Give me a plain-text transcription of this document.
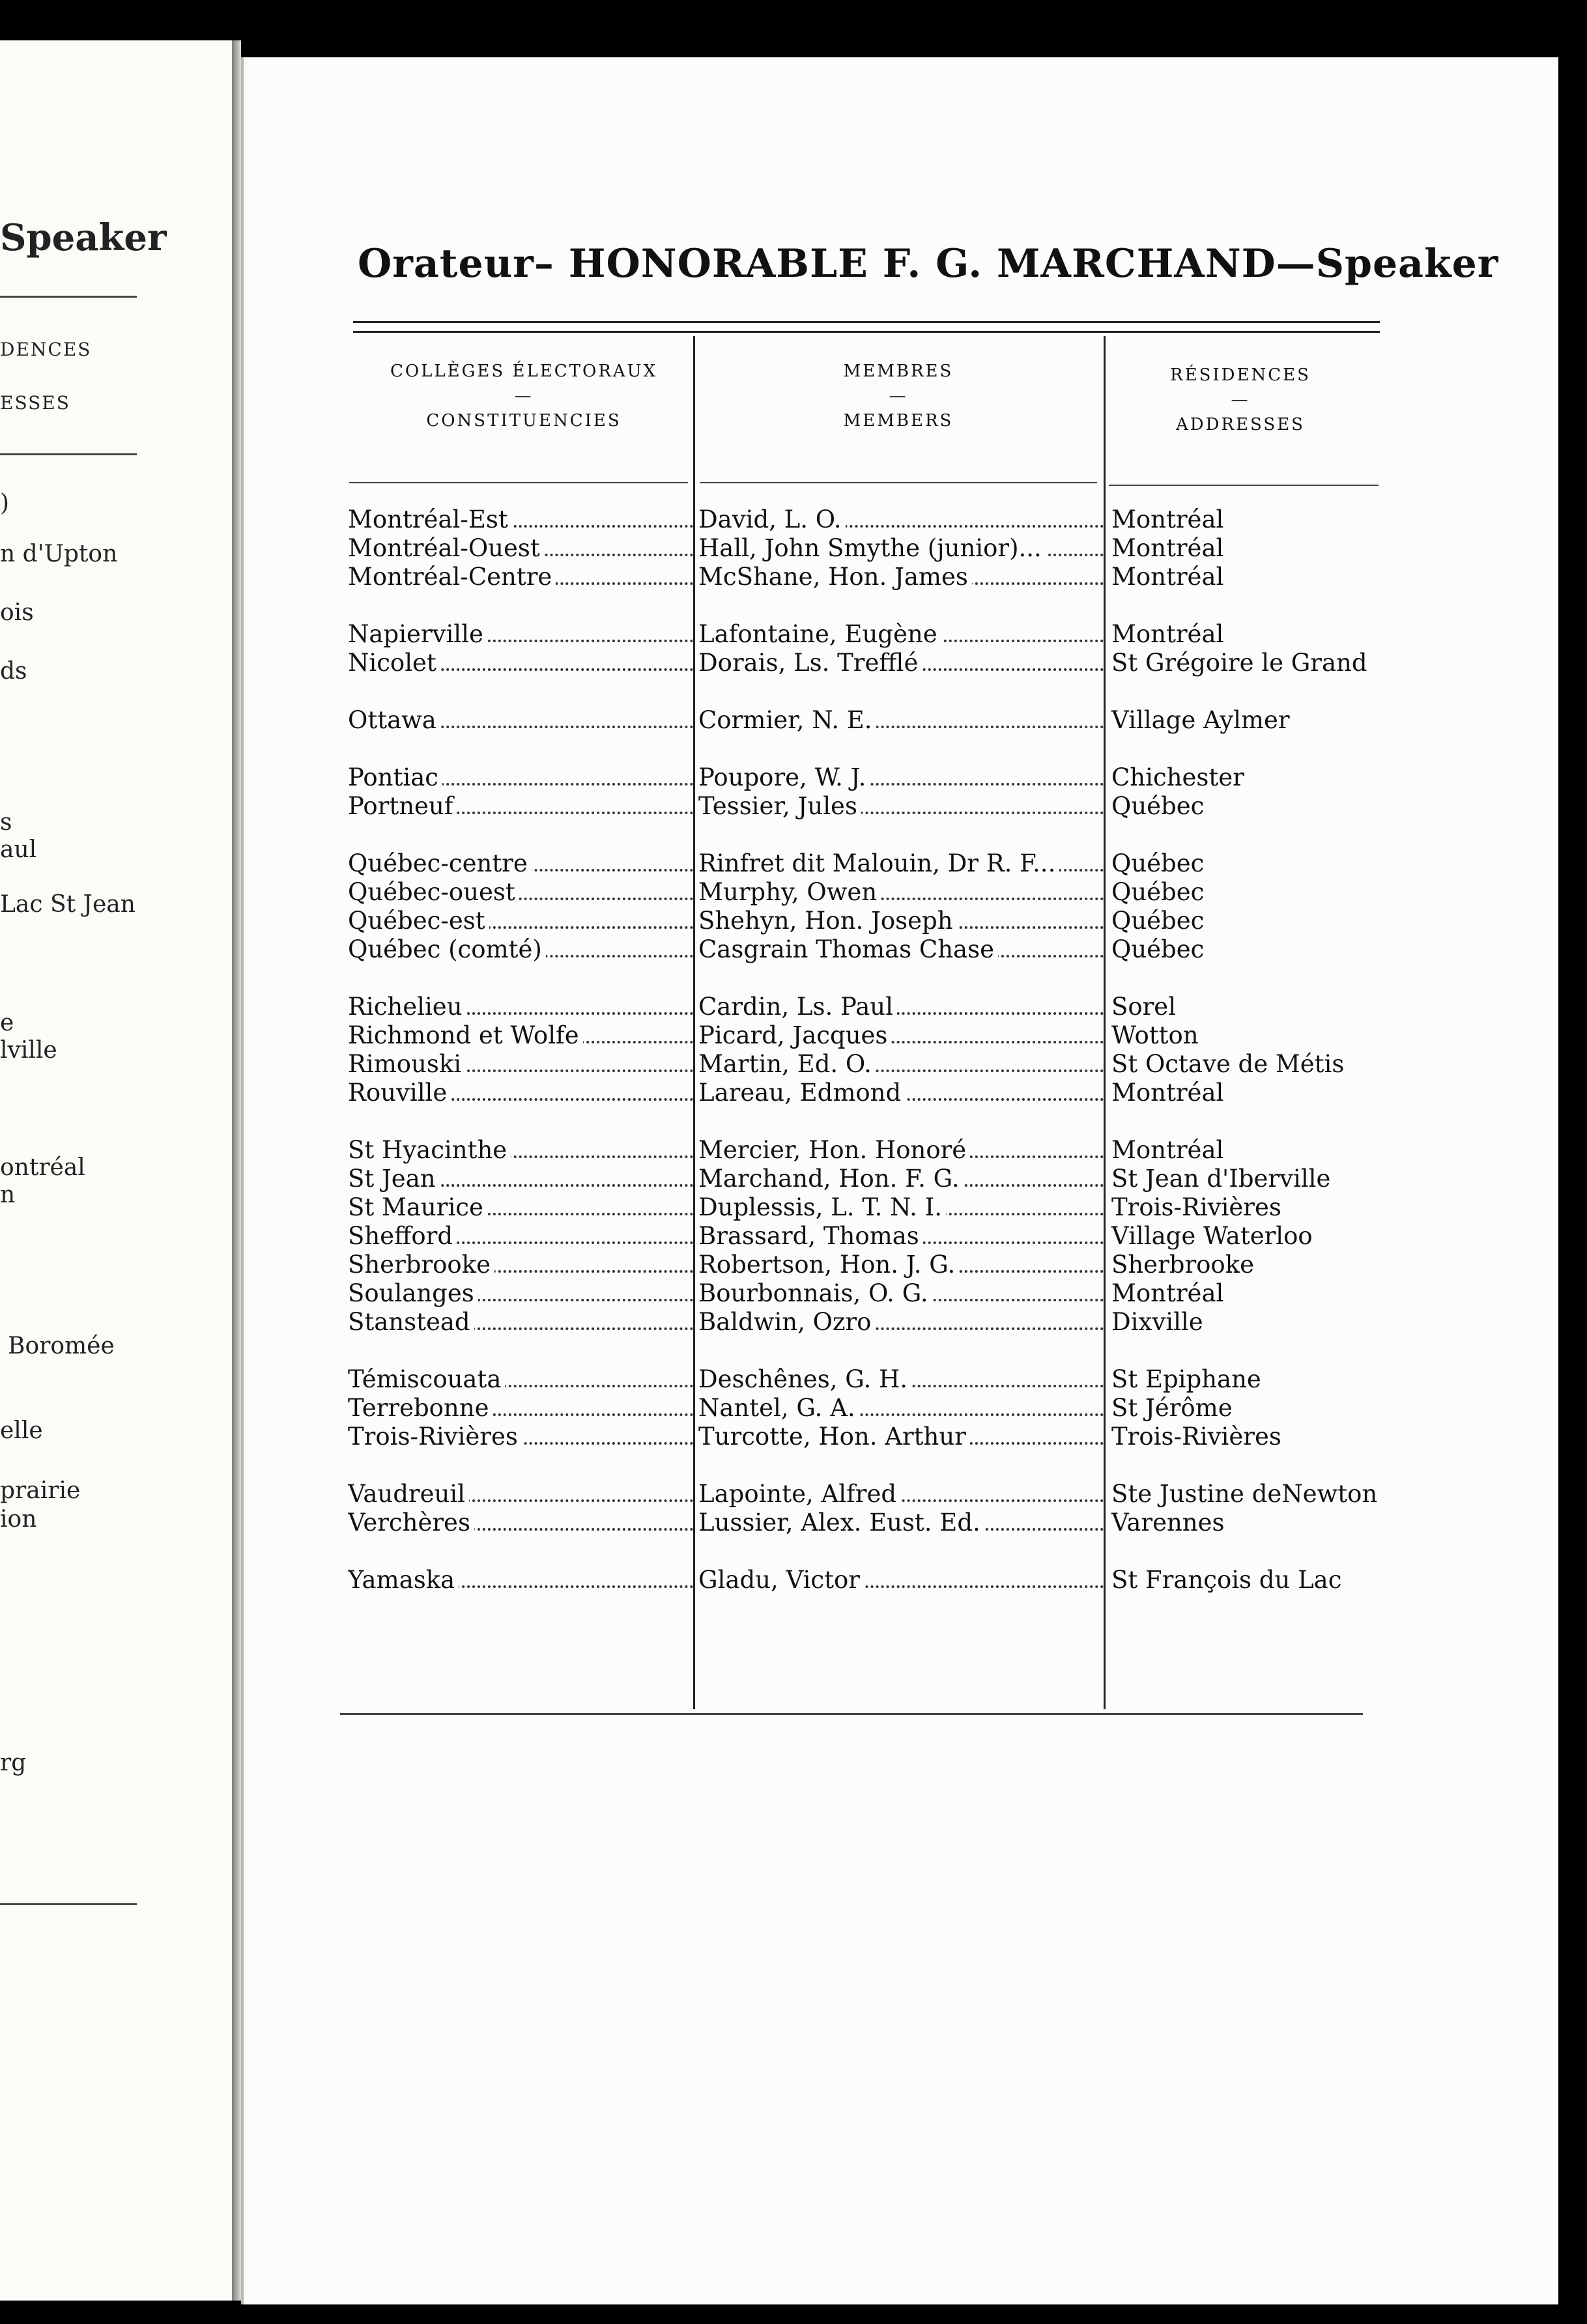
Speaker
DENCES
ESSES
)
n d'Upton
ois
ds
s
aul
Lac St Jean
e
lville
ontréal
n
Boromée
elle
prairie
ion
rg
Orateur– HONORABLE F. G. MARCHAND—Speaker
COLLÈGES ÉLECTORAUX
—
CONSTITUENCIES
MEMBRES
—
MEMBERS
RÉSIDENCES
—
ADDRESSES
Montréal-Est	David, L. O.	Montréal
Montréal-Ouest	Hall, John Smythe (junior)...	Montréal
Montréal-Centre	McShane, Hon. James	Montréal
Napierville	Lafontaine, Eugène	Montréal
Nicolet	Dorais, Ls. Trefflé	St Grégoire le Grand
Ottawa	Cormier, N. E.	Village Aylmer
Pontiac	Poupore, W. J.	Chichester
Portneuf	Tessier, Jules	Québec
Québec-centre	Rinfret dit Malouin, Dr R. F...	Québec
Québec-ouest	Murphy, Owen	Québec
Québec-est	Shehyn, Hon. Joseph	Québec
Québec (comté)	Casgrain Thomas Chase	Québec
Richelieu	Cardin, Ls. Paul	Sorel
Richmond et Wolfe	Picard, Jacques	Wotton
Rimouski	Martin, Ed. O.	St Octave de Métis
Rouville	Lareau, Edmond	Montréal
St Hyacinthe	Mercier, Hon. Honoré	Montréal
St Jean	Marchand, Hon. F. G.	St Jean d'Iberville
St Maurice	Duplessis, L. T. N. I.	Trois-Rivières
Shefford	Brassard, Thomas	Village Waterloo
Sherbrooke	Robertson, Hon. J. G.	Sherbrooke
Soulanges	Bourbonnais, O. G.	Montréal
Stanstead	Baldwin, Ozro	Dixville
Témiscouata	Deschênes, G. H.	St Epiphane
Terrebonne	Nantel, G. A.	St Jérôme
Trois-Rivières	Turcotte, Hon. Arthur	Trois-Rivières
Vaudreuil	Lapointe, Alfred	Ste Justine deNewton
Verchères	Lussier, Alex. Eust. Ed.	Varennes
Yamaska	Gladu, Victor	St François du Lac
